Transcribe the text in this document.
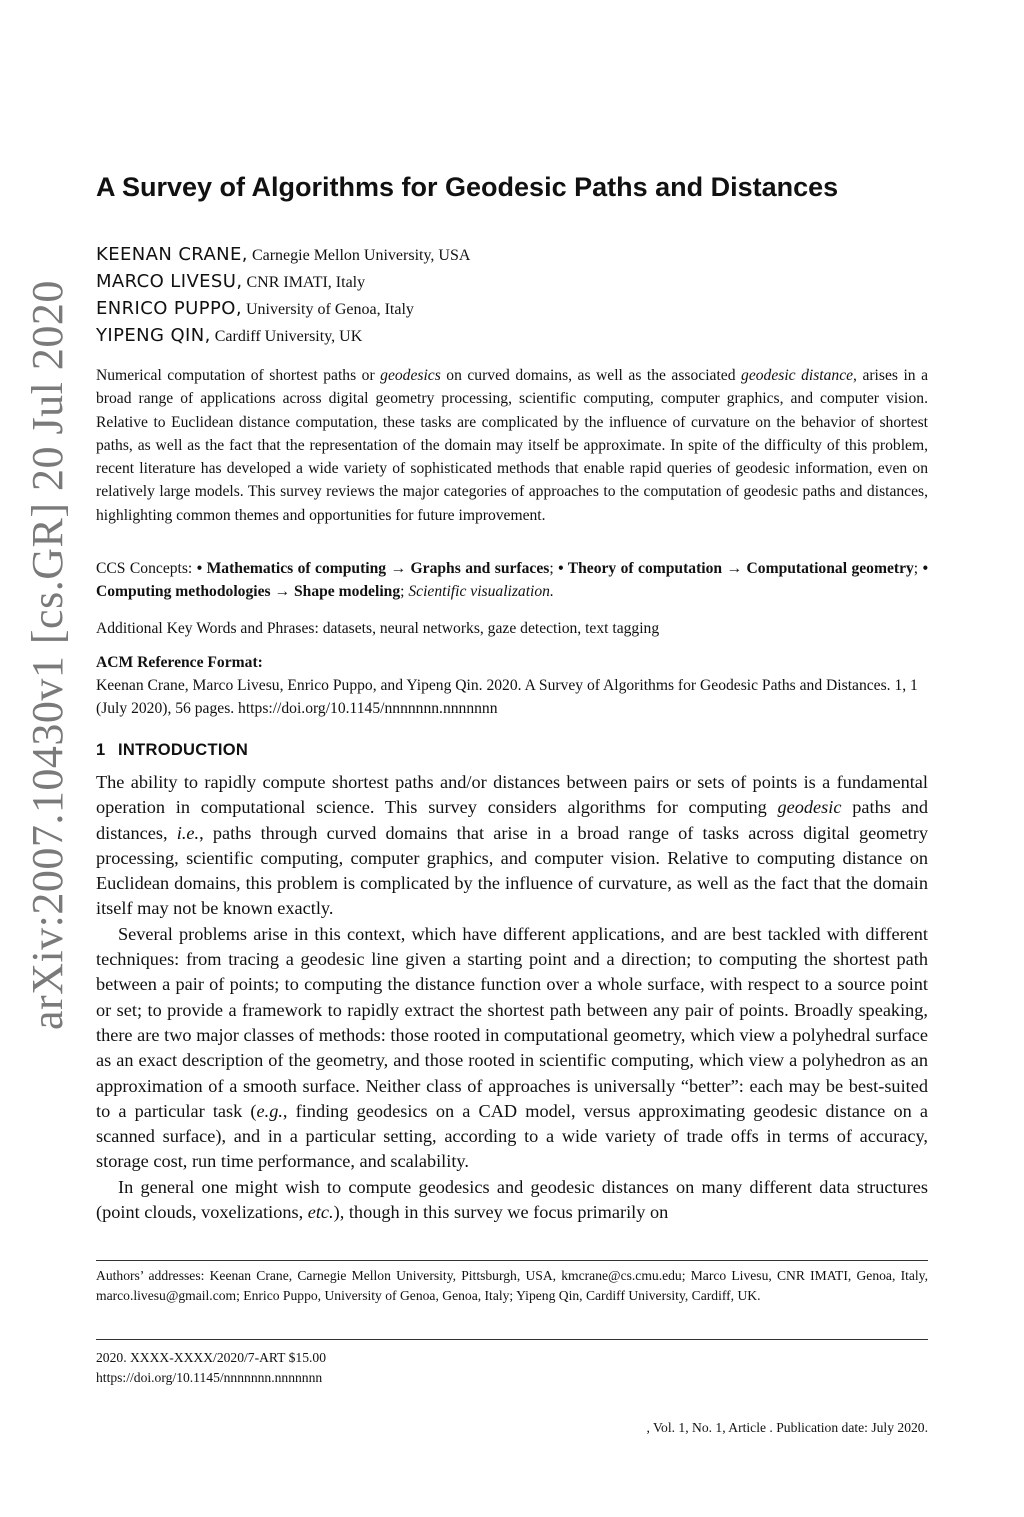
arXiv:2007.10430v1 [cs.GR] 20 Jul 2020
A Survey of Algorithms for Geodesic Paths and Distances
KEENAN CRANE, Carnegie Mellon University, USA
MARCO LIVESU, CNR IMATI, Italy
ENRICO PUPPO, University of Genoa, Italy
YIPENG QIN, Cardiff University, UK
Numerical computation of shortest paths or geodesics on curved domains, as well as the associated geodesic distance, arises in a broad range of applications across digital geometry processing, scientific computing, computer graphics, and computer vision. Relative to Euclidean distance computation, these tasks are complicated by the influence of curvature on the behavior of shortest paths, as well as the fact that the representation of the domain may itself be approximate. In spite of the difficulty of this problem, recent literature has developed a wide variety of sophisticated methods that enable rapid queries of geodesic information, even on relatively large models. This survey reviews the major categories of approaches to the computation of geodesic paths and distances, highlighting common themes and opportunities for future improvement.
CCS Concepts: • Mathematics of computing → Graphs and surfaces; • Theory of computation → Computational geometry; • Computing methodologies → Shape modeling; Scientific visualization.
Additional Key Words and Phrases: datasets, neural networks, gaze detection, text tagging
ACM Reference Format:
Keenan Crane, Marco Livesu, Enrico Puppo, and Yipeng Qin. 2020. A Survey of Algorithms for Geodesic Paths and Distances. 1, 1 (July 2020), 56 pages. https://doi.org/10.1145/nnnnnnn.nnnnnnn
1 INTRODUCTION

The ability to rapidly compute shortest paths and/or distances between pairs or sets of points is a fundamental operation in computational science. This survey considers algorithms for computing geodesic paths and distances, i.e., paths through curved domains that arise in a broad range of tasks across digital geometry processing, scientific computing, computer graphics, and computer vision. Relative to computing distance on Euclidean domains, this problem is complicated by the influence of curvature, as well as the fact that the domain itself may not be known exactly.

Several problems arise in this context, which have different applications, and are best tackled with different techniques: from tracing a geodesic line given a starting point and a direction; to computing the shortest path between a pair of points; to computing the distance function over a whole surface, with respect to a source point or set; to provide a framework to rapidly extract the shortest path between any pair of points. Broadly speaking, there are two major classes of methods: those rooted in computational geometry, which view a polyhedral surface as an exact description of the geometry, and those rooted in scientific computing, which view a polyhedron as an approximation of a smooth surface. Neither class of approaches is universally “better”: each may be best-suited to a particular task (e.g., finding geodesics on a CAD model, versus approximating geodesic distance on a scanned surface), and in a particular setting, according to a wide variety of trade offs in terms of accuracy, storage cost, run time performance, and scalability.

In general one might wish to compute geodesics and geodesic distances on many different data structures (point clouds, voxelizations, etc.), though in this survey we focus primarily on

Authors’ addresses: Keenan Crane, Carnegie Mellon University, Pittsburgh, USA, kmcrane@cs.cmu.edu; Marco Livesu, CNR IMATI, Genoa, Italy, marco.livesu@gmail.com; Enrico Puppo, University of Genoa, Genoa, Italy; Yipeng Qin, Cardiff University, Cardiff, UK.
2020. XXXX-XXXX/2020/7-ART $15.00
https://doi.org/10.1145/nnnnnnn.nnnnnnn
, Vol. 1, No. 1, Article . Publication date: July 2020.
